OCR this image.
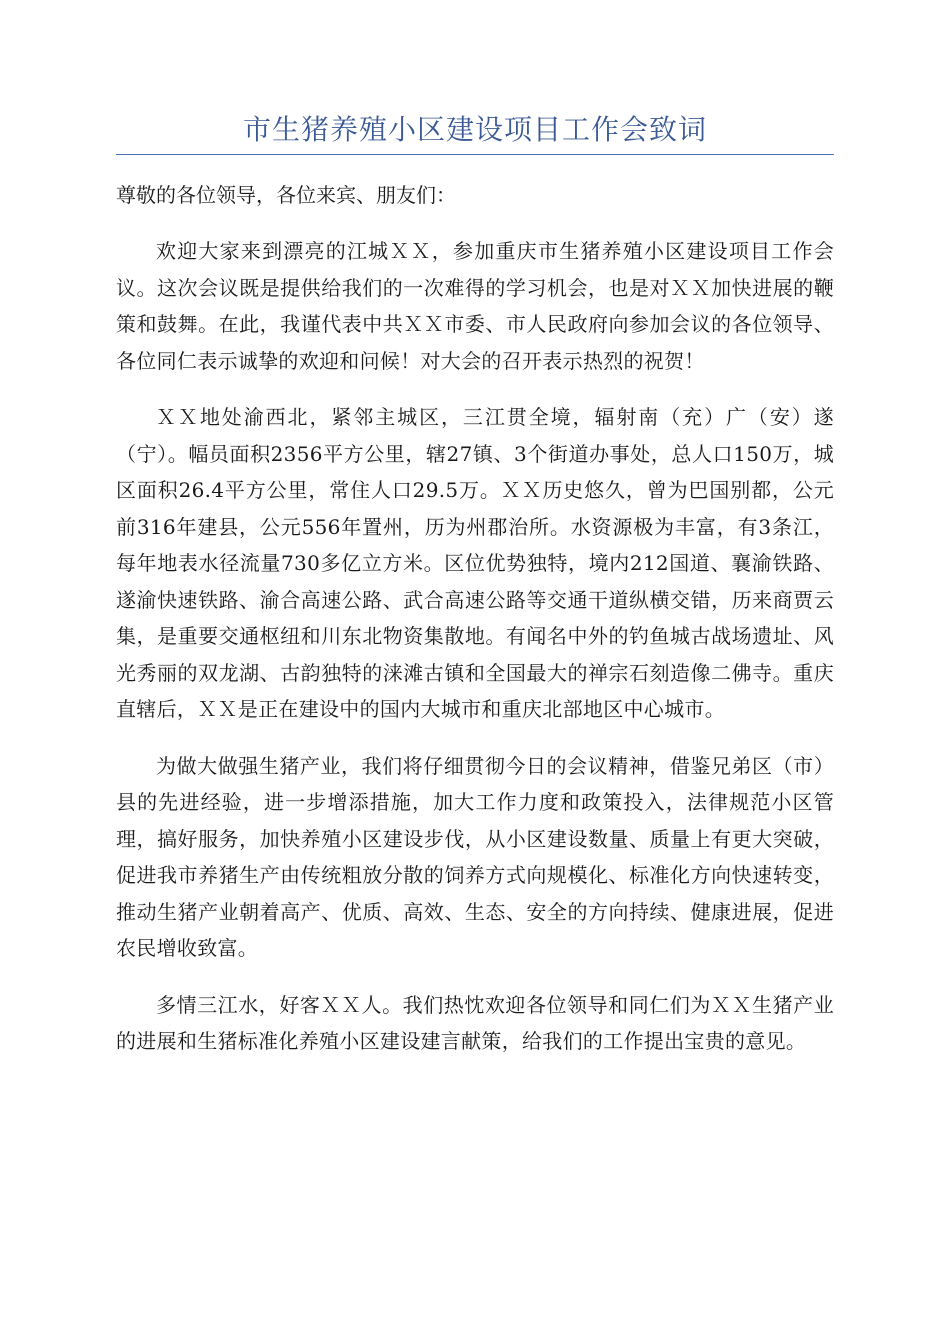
市生猪养殖小区建设项目工作会致词

尊敬的各位领导，各位来宾、朋友们：

欢迎大家来到漂亮的江城ＸＸ，参加重庆市生猪养殖小区建设项目工作会议。这次会议既是提供给我们的一次难得的学习机会，也是对ＸＸ加快进展的鞭策和鼓舞。在此，我谨代表中共ＸＸ市委、市人民政府向参加会议的各位领导、各位同仁表示诚挚的欢迎和问候！对大会的召开表示热烈的祝贺！

ＸＸ地处渝西北，紧邻主城区，三江贯全境，辐射南（充）广（安）遂（宁）。幅员面积2356平方公里，辖27镇、3个街道办事处，总人口150万，城区面积26.4平方公里，常住人口29.5万。ＸＸ历史悠久，曾为巴国别都，公元前316年建县，公元556年置州，历为州郡治所。水资源极为丰富，有3条江，每年地表水径流量730多亿立方米。区位优势独特，境内212国道、襄渝铁路、遂渝快速铁路、渝合高速公路、武合高速公路等交通干道纵横交错，历来商贾云集，是重要交通枢纽和川东北物资集散地。有闻名中外的钓鱼城古战场遗址、风光秀丽的双龙湖、古韵独特的涞滩古镇和全国最大的禅宗石刻造像二佛寺。重庆直辖后，ＸＸ是正在建设中的国内大城市和重庆北部地区中心城市。

为做大做强生猪产业，我们将仔细贯彻今日的会议精神，借鉴兄弟区（市）县的先进经验，进一步增添措施，加大工作力度和政策投入，法律规范小区管理，搞好服务，加快养殖小区建设步伐，从小区建设数量、质量上有更大突破，促进我市养猪生产由传统粗放分散的饲养方式向规模化、标准化方向快速转变，推动生猪产业朝着高产、优质、高效、生态、安全的方向持续、健康进展，促进农民增收致富。

多情三江水，好客ＸＸ人。我们热忱欢迎各位领导和同仁们为ＸＸ生猪产业的进展和生猪标准化养殖小区建设建言献策，给我们的工作提出宝贵的意见。
